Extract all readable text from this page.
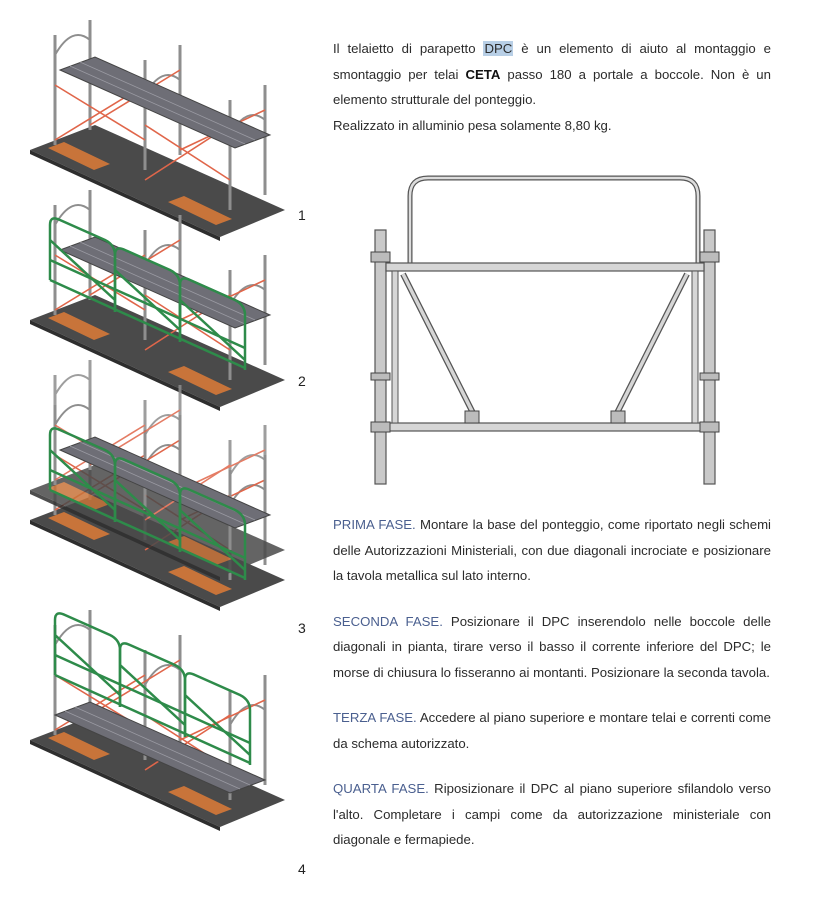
1
2
3
4
Il telaietto di parapetto DPC è un elemento di aiuto al montaggio e smontaggio per telai CETA passo 180 a portale a boccole. Non è un elemento strutturale del ponteggio.
Realizzato in alluminio pesa solamente 8,80 kg.

PRIMA FASE. Montare la base del ponteggio, come riportato negli schemi delle Autorizzazioni Ministeriali, con due diagonali incrociate e posizionare la tavola metallica sul lato interno.

SECONDA FASE. Posizionare il DPC inserendolo nelle boccole delle diagonali in pianta, tirare verso il basso il corrente inferiore del DPC; le morse di chiusura lo fisseranno ai montanti. Posizionare la seconda tavola.

TERZA FASE. Accedere al piano superiore e montare telai e correnti come da schema autorizzato.

QUARTA FASE. Riposizionare il DPC al piano superiore sfilandolo verso l'alto. Completare i campi come da autorizzazione ministeriale con diagonale e fermapiede.
